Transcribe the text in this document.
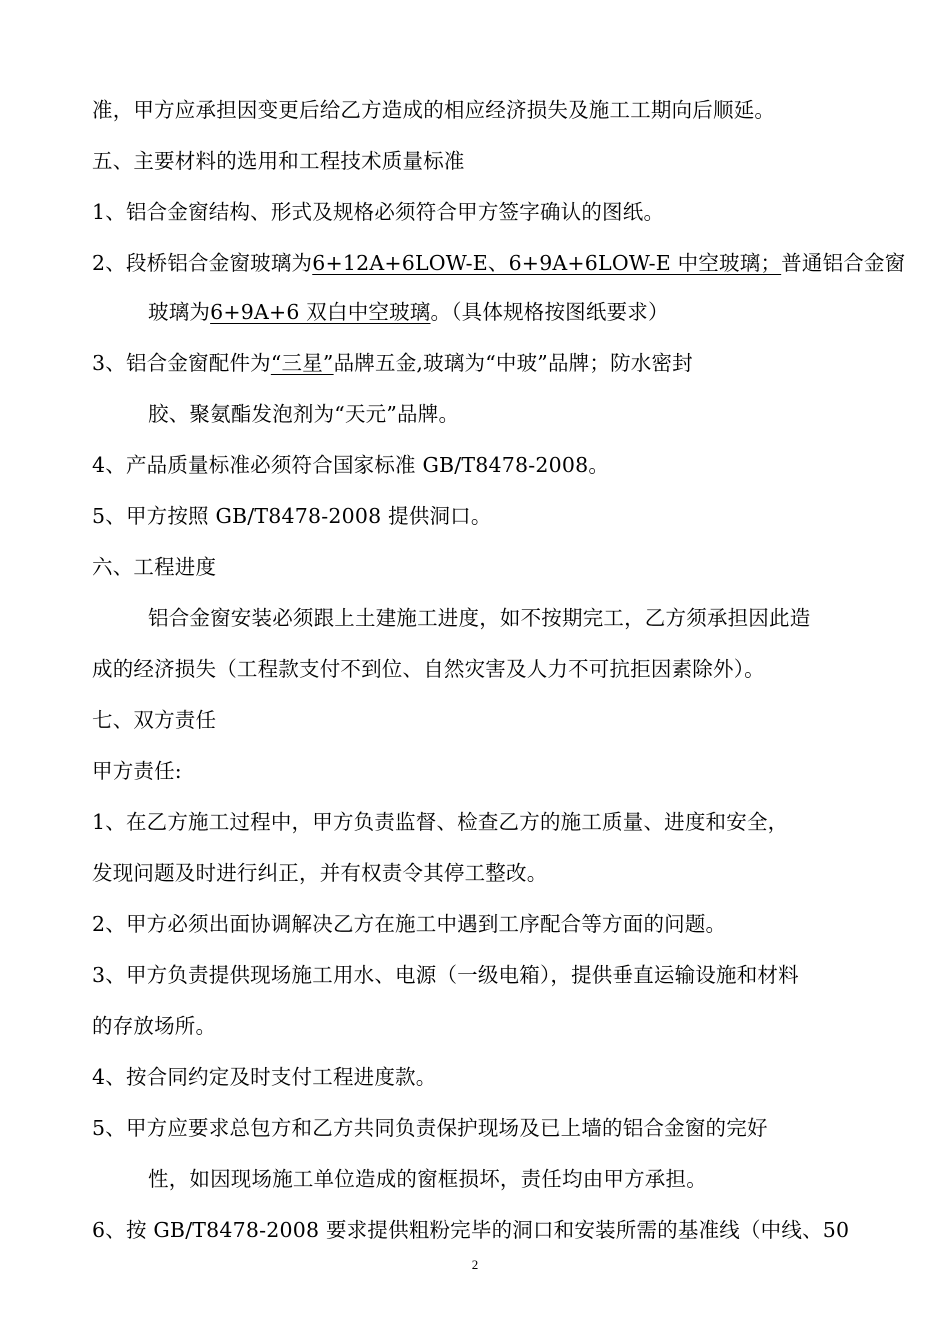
准，甲方应承担因变更后给乙方造成的相应经济损失及施工工期向后顺延。
五、主要材料的选用和工程技术质量标准
1、铝合金窗结构、形式及规格必须符合甲方签字确认的图纸。
2、段桥铝合金窗玻璃为6+12A+6LOW-E、6+9A+6LOW-E 中空玻璃；普通铝合金窗
玻璃为6+9A+6 双白中空玻璃。（具体规格按图纸要求）
3、铝合金窗配件为“三星”品牌五金,玻璃为“中玻”品牌；防水密封
胶、聚氨酯发泡剂为“天元”品牌。
4、产品质量标准必须符合国家标准 GB/T8478-2008。
5、甲方按照 GB/T8478-2008 提供洞口。
六、工程进度
铝合金窗安装必须跟上土建施工进度，如不按期完工，乙方须承担因此造
成的经济损失（工程款支付不到位、自然灾害及人力不可抗拒因素除外）。
七、双方责任
甲方责任:
1、在乙方施工过程中，甲方负责监督、检查乙方的施工质量、进度和安全，
发现问题及时进行纠正，并有权责令其停工整改。
2、甲方必须出面协调解决乙方在施工中遇到工序配合等方面的问题。
3、甲方负责提供现场施工用水、电源（一级电箱），提供垂直运输设施和材料
的存放场所。
4、按合同约定及时支付工程进度款。
5、甲方应要求总包方和乙方共同负责保护现场及已上墙的铝合金窗的完好
性，如因现场施工单位造成的窗框损坏，责任均由甲方承担。
6、按 GB/T8478-2008 要求提供粗粉完毕的洞口和安装所需的基准线（中线、50
2
